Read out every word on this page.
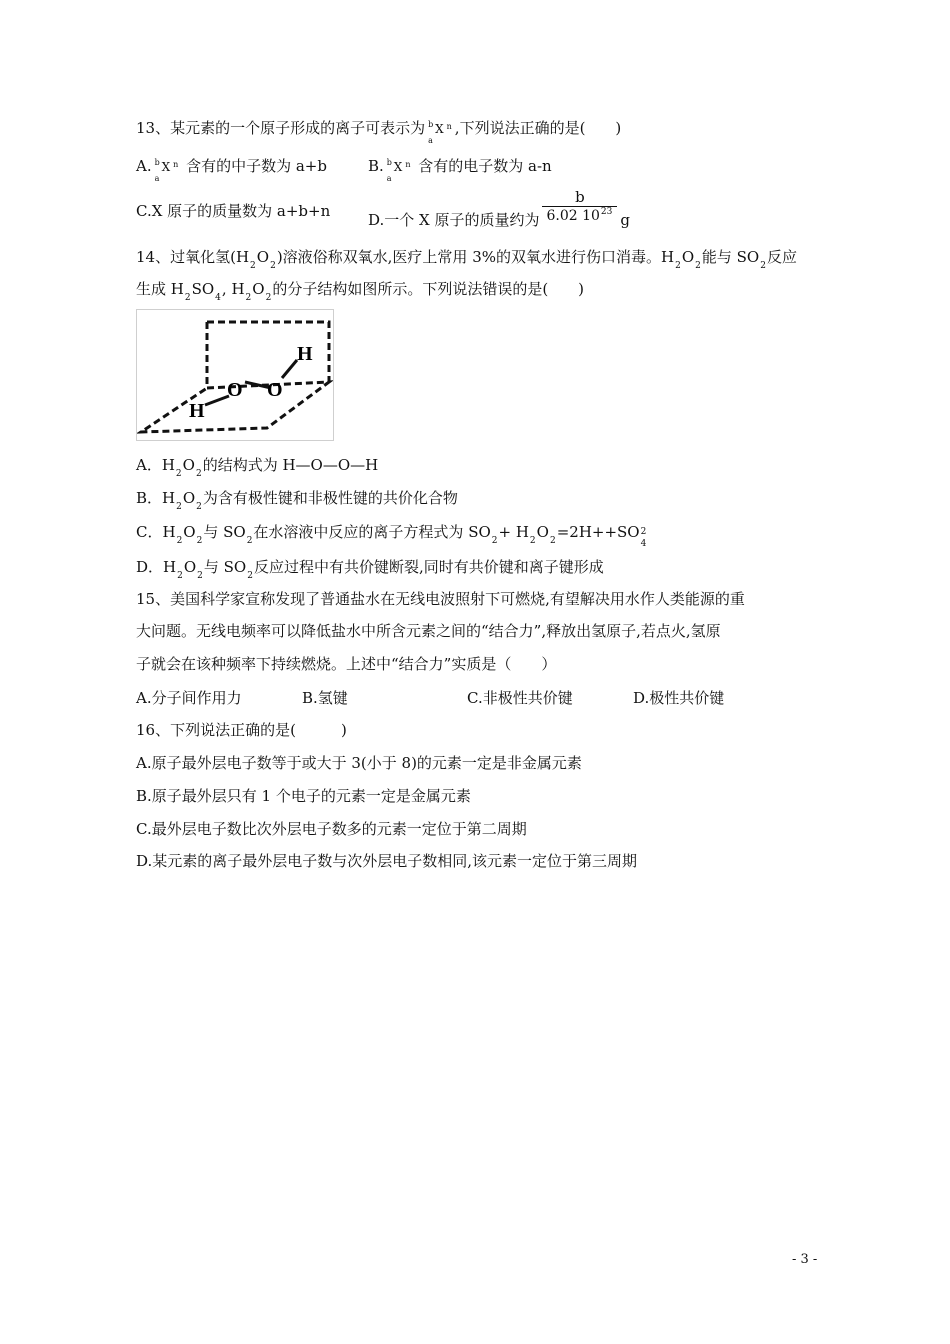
13、某元素的一个原子形成的离子可表示为 b
a
X $^n$ ,下列说法正确的是(　　)
A. b
a
X $^n$ 含有的中子数为 a+b	B. b
a
X $^n$ 含有的电子数为 a-n
C.X 原子的质量数为 a+b+n	D.一个 X 原子的质量约为 $\frac{b}{6.02 10^{23}}$ g
14、过氧化氢$(H_2O_2)$溶液俗称双氧水,医疗上常用 3%的双氧水进行伤口消毒。$H_2O_2$能与 $SO_2$反应
生成 $H_2SO_4$, $H_2O_2$的分子结构如图所示。下列说法错误的是(　　)
H
O O
H
A．$H_2O_2$的结构式为 H—O—O—H
B．$H_2O_2$为含有极性键和非极性键的共价化合物
C．$H_2O_2$与 $SO_2$在水溶液中反应的离子方程式为 $SO_2+ H_2O_2=2H++SO$ 2
4
D．$H_2O_2$与 $SO_2$反应过程中有共价键断裂,同时有共价键和离子键形成
15、美国科学家宣称发现了普通盐水在无线电波照射下可燃烧,有望解决用水作人类能源的重
大问题。无线电频率可以降低盐水中所含元素之间的“结合力”,释放出氢原子,若点火,氢原
子就会在该种频率下持续燃烧。上述中“结合力”实质是（　　）
A.分子间作用力	B.氢键	C.非极性共价键	D.极性共价键
16、下列说法正确的是(　　　)
A.原子最外层电子数等于或大于 3(小于 8)的元素一定是非金属元素
B.原子最外层只有 1 个电子的元素一定是金属元素
C.最外层电子数比次外层电子数多的元素一定位于第二周期
D.某元素的离子最外层电子数与次外层电子数相同,该元素一定位于第三周期
- 3 -
